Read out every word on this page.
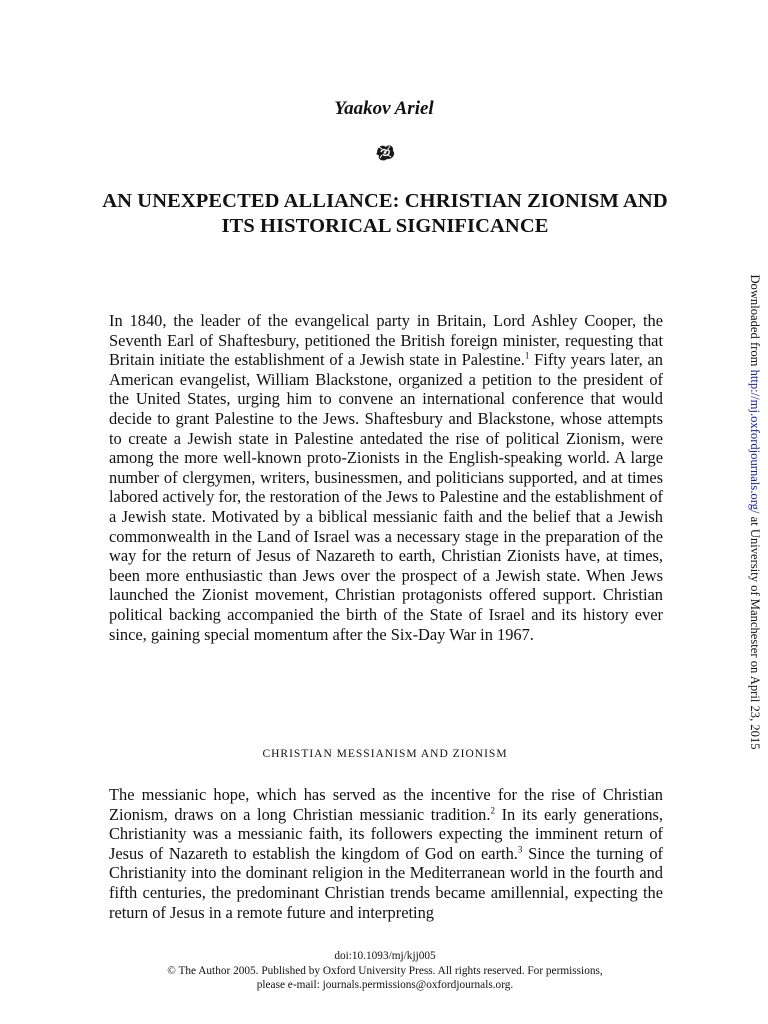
Yaakov Ariel

AN UNEXPECTED ALLIANCE: CHRISTIAN ZIONISM AND ITS HISTORICAL SIGNIFICANCE

In 1840, the leader of the evangelical party in Britain, Lord Ashley Cooper, the Seventh Earl of Shaftesbury, petitioned the British foreign minister, requesting that Britain initiate the establishment of a Jewish state in Palestine.$^1$ Fifty years later, an American evangelist, William Blackstone, organized a petition to the president of the United States, urging him to convene an international conference that would decide to grant Palestine to the Jews. Shaftesbury and Blackstone, whose attempts to create a Jewish state in Palestine antedated the rise of political Zionism, were among the more well-known proto-Zionists in the English-speaking world. A large number of clergymen, writers, businessmen, and politicians supported, and at times labored actively for, the restoration of the Jews to Palestine and the establishment of a Jewish state. Motivated by a biblical messianic faith and the belief that a Jewish commonwealth in the Land of Israel was a necessary stage in the preparation of the way for the return of Jesus of Nazareth to earth, Christian Zionists have, at times, been more enthusiastic than Jews over the prospect of a Jewish state. When Jews launched the Zionist movement, Christian protagonists offered support. Christian political backing accompanied the birth of the State of Israel and its history ever since, gaining special momentum after the Six-Day War in 1967.

CHRISTIAN MESSIANISM AND ZIONISM

The messianic hope, which has served as the incentive for the rise of Christian Zionism, draws on a long Christian messianic tradition.$^2$ In its early generations, Christianity was a messianic faith, its followers expecting the imminent return of Jesus of Nazareth to establish the kingdom of God on earth.$^3$ Since the turning of Christianity into the dominant religion in the Mediterranean world in the fourth and fifth centuries, the predominant Christian trends became amillennial, expecting the return of Jesus in a remote future and interpreting

doi:10.1093/mj/kjj005
© The Author 2005. Published by Oxford University Press. All rights reserved. For permissions,
please e-mail: journals.permissions@oxfordjournals.org.
Downloaded from http://mj.oxfordjournals.org/ at University of Manchester on April 23, 2015
